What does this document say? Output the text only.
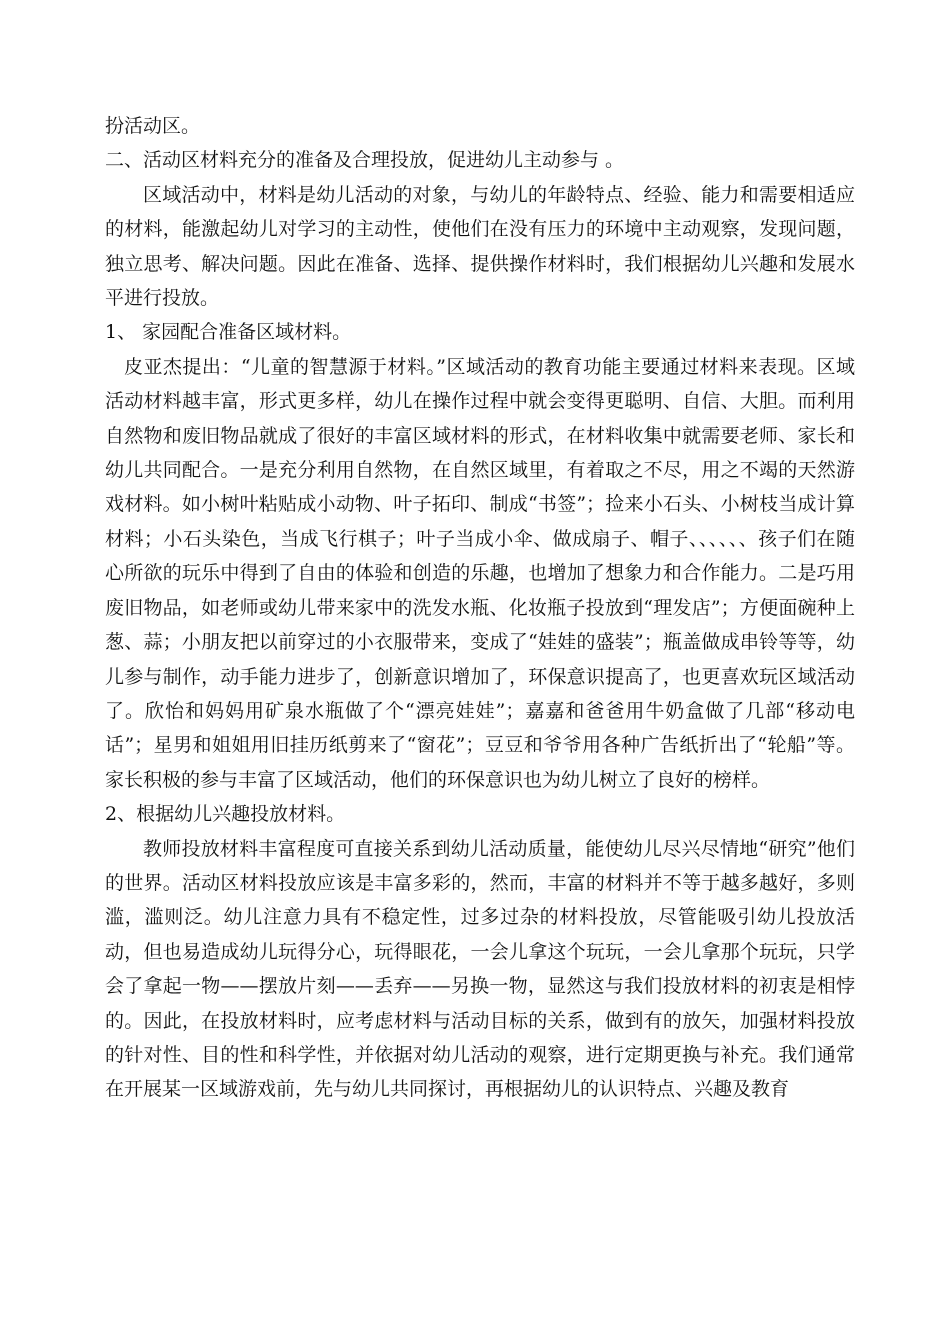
扮活动区。

二、活动区材料充分的准备及合理投放，促进幼儿主动参与 。

区域活动中，材料是幼儿活动的对象，与幼儿的年龄特点、经验、能力和需要相适应的材料，能激起幼儿对学习的主动性，使他们在没有压力的环境中主动观察，发现问题，独立思考、解决问题。因此在准备、选择、提供操作材料时，我们根据幼儿兴趣和发展水平进行投放。

1、 家园配合准备区域材料。

皮亚杰提出：“儿童的智慧源于材料。”区域活动的教育功能主要通过材料来表现。区域活动材料越丰富，形式更多样，幼儿在操作过程中就会变得更聪明、自信、大胆。而利用自然物和废旧物品就成了很好的丰富区域材料的形式，在材料收集中就需要老师、家长和幼儿共同配合。一是充分利用自然物，在自然区域里，有着取之不尽，用之不竭的天然游戏材料。如小树叶粘贴成小动物、叶子拓印、制成“书签”；捡来小石头、小树枝当成计算材料；小石头染色，当成飞行棋子；叶子当成小伞、做成扇子、帽子、、、、、、孩子们在随心所欲的玩乐中得到了自由的体验和创造的乐趣，也增加了想象力和合作能力。二是巧用废旧物品，如老师或幼儿带来家中的洗发水瓶、化妆瓶子投放到“理发店”；方便面碗种上葱、蒜；小朋友把以前穿过的小衣服带来，变成了“娃娃的盛装”；瓶盖做成串铃等等，幼儿参与制作，动手能力进步了，创新意识增加了，环保意识提高了，也更喜欢玩区域活动了。欣怡和妈妈用矿泉水瓶做了个“漂亮娃娃”；嘉嘉和爸爸用牛奶盒做了几部“移动电话”；星男和姐姐用旧挂历纸剪来了“窗花”；豆豆和爷爷用各种广告纸折出了“轮船”等。家长积极的参与丰富了区域活动，他们的环保意识也为幼儿树立了良好的榜样。

2、根据幼儿兴趣投放材料。

教师投放材料丰富程度可直接关系到幼儿活动质量，能使幼儿尽兴尽情地“研究”他们的世界。活动区材料投放应该是丰富多彩的，然而，丰富的材料并不等于越多越好，多则滥，滥则泛。幼儿注意力具有不稳定性，过多过杂的材料投放，尽管能吸引幼儿投放活动，但也易造成幼儿玩得分心，玩得眼花，一会儿拿这个玩玩，一会儿拿那个玩玩，只学会了拿起一物——摆放片刻——丢弃——另换一物，显然这与我们投放材料的初衷是相悖的。因此，在投放材料时，应考虑材料与活动目标的关系，做到有的放矢，加强材料投放的针对性、目的性和科学性，并依据对幼儿活动的观察，进行定期更换与补充。我们通常在开展某一区域游戏前，先与幼儿共同探讨，再根据幼儿的认识特点、兴趣及教育
